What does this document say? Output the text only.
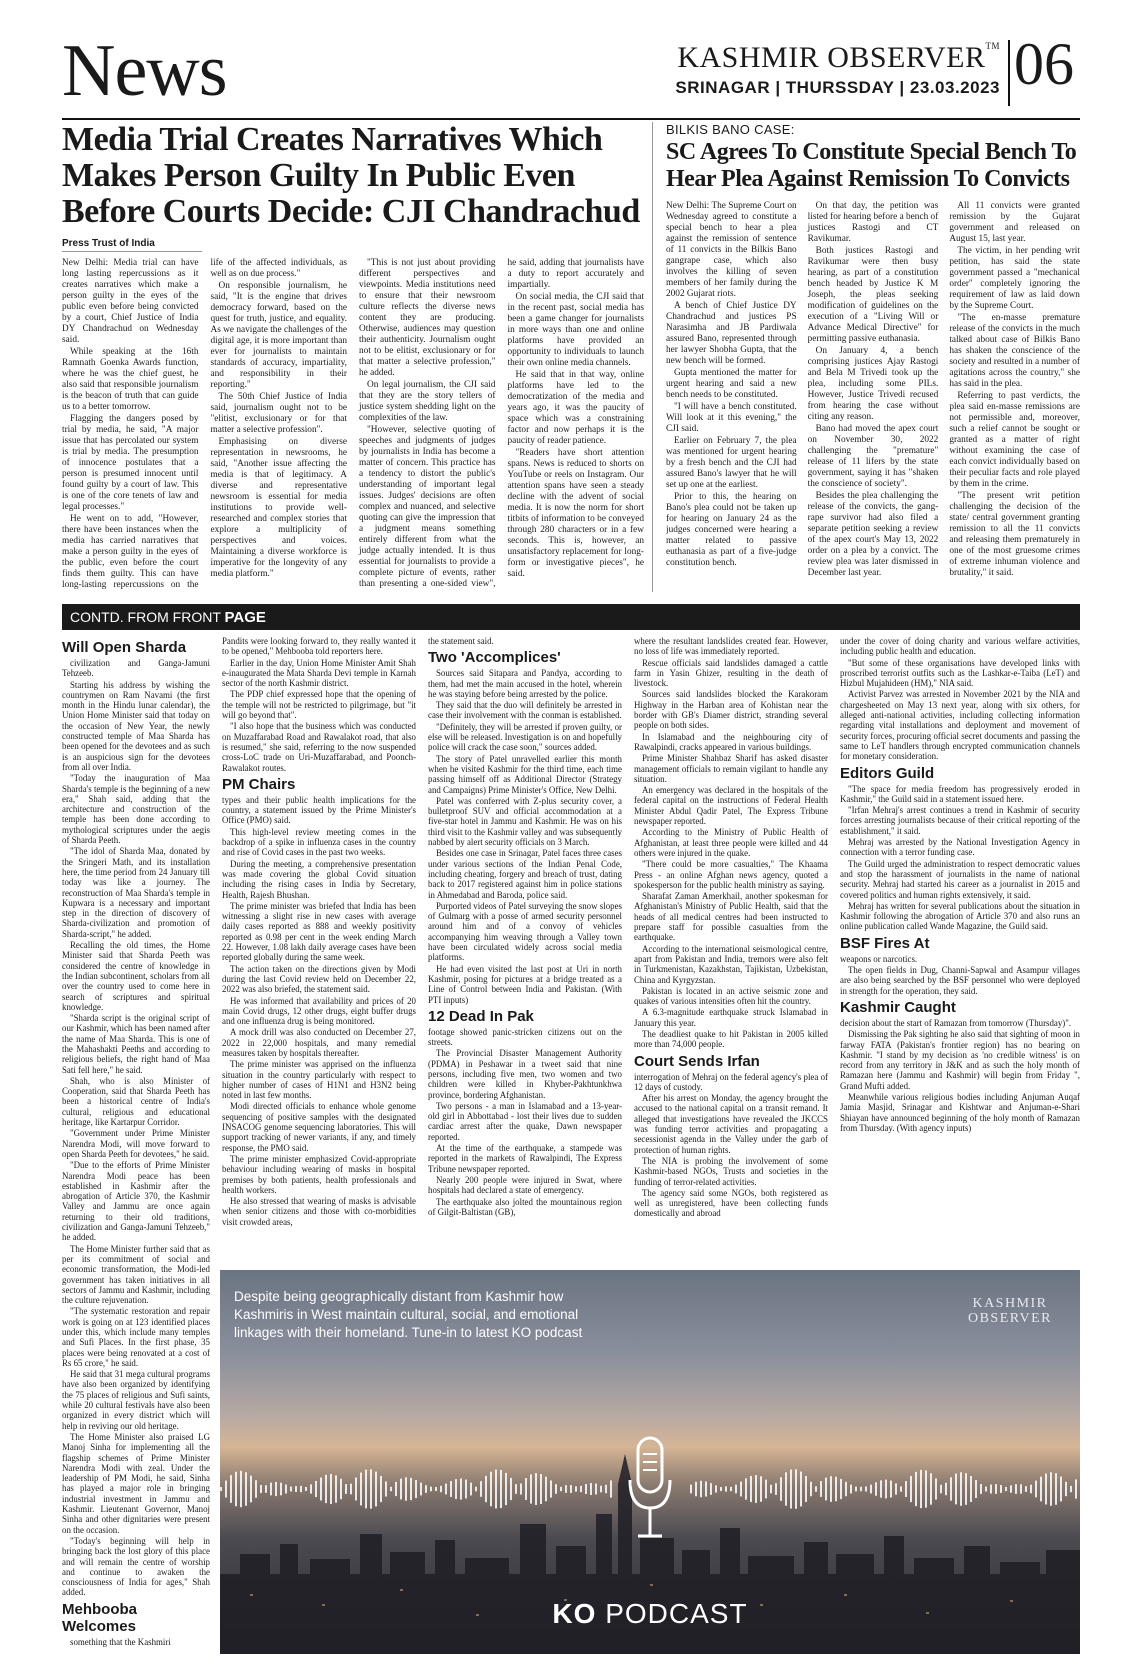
News	KASHMIR OBSERVER™
SRINAGAR | THURSSDAY | 23.03.2023 06
Media Trial Creates Narratives Which Makes Person Guilty In Public Even Before Courts Decide: CJI Chandrachud
Press Trust of India

New Delhi: Media trial can have long lasting repercussions as it creates narratives which make a person guilty in the eyes of the public even before being convicted by a court, Chief Justice of India DY Chandrachud on Wednesday said.

While speaking at the 16th Ramnath Goenka Awards function, where he was the chief guest, he also said that responsible journalism is the beacon of truth that can guide us to a better tomorrow.

Flagging the dangers posed by trial by media, he said, "A major issue that has percolated our system is trial by media. The presumption of innocence postulates that a person is presumed innocent until found guilty by a court of law. This is one of the core tenets of law and legal processes."

He went on to add, "However, there have been instances when the media has carried narratives that make a person guilty in the eyes of the public, even before the court finds them guilty. This can have long-lasting repercussions on the life of the affected individuals, as well as on due process."

On responsible journalism, he said, "It is the engine that drives democracy forward, based on the quest for truth, justice, and equality. As we navigate the challenges of the digital age, it is more important than ever for journalists to maintain standards of accuracy, impartiality, and responsibility in their reporting."

The 50th Chief Justice of India said, journalism ought not to be "elitist, exclusionary or for that matter a selective profession".

Emphasising on diverse representation in newsrooms, he said, "Another issue affecting the media is that of legitimacy. A diverse and representative newsroom is essential for media institutions to provide well-researched and complex stories that explore a multiplicity of perspectives and voices. Maintaining a diverse workforce is imperative for the longevity of any media platform."

"This is not just about providing different perspectives and viewpoints. Media institutions need to ensure that their newsroom culture reflects the diverse news content they are producing. Otherwise, audiences may question their authenticity. Journalism ought not to be elitist, exclusionary or for that matter a selective profession," he added.

On legal journalism, the CJI said that they are the story tellers of justice system shedding light on the complexities of the law.

"However, selective quoting of speeches and judgments of judges by journalists in India has become a matter of concern. This practice has a tendency to distort the public's understanding of important legal issues. Judges' decisions are often complex and nuanced, and selective quoting can give the impression that a judgment means something entirely different from what the judge actually intended. It is thus essential for journalists to provide a complete picture of events, rather than presenting a one-sided view", he said, adding that journalists have a duty to report accurately and impartially.

On social media, the CJI said that in the recent past, social media has been a game changer for journalists in more ways than one and online platforms have provided an opportunity to individuals to launch their own online media channels.

He said that in that way, online platforms have led to the democratization of the media and years ago, it was the paucity of space which was a constraining factor and now perhaps it is the paucity of reader patience.

"Readers have short attention spans. News is reduced to shorts on YouTube or reels on Instagram. Our attention spans have seen a steady decline with the advent of social media. It is now the norm for short titbits of information to be conveyed through 280 characters or in a few seconds. This is, however, an unsatisfactory replacement for long-form or investigative pieces", he said.

BILKIS BANO CASE:
SC Agrees To Constitute Special Bench To Hear Plea Against Remission To Convicts

New Delhi: The Supreme Court on Wednesday agreed to constitute a special bench to hear a plea against the remission of sentence of 11 convicts in the Bilkis Bano gangrape case, which also involves the killing of seven members of her family during the 2002 Gujarat riots.

A bench of Chief Justice DY Chandrachud and justices PS Narasimha and JB Pardiwala assured Bano, represented through her lawyer Shobha Gupta, that the new bench will be formed.

Gupta mentioned the matter for urgent hearing and said a new bench needs to be constituted.

"I will have a bench constituted. Will look at it this evening," the CJI said.

Earlier on February 7, the plea was mentioned for urgent hearing by a fresh bench and the CJI had assured Bano's lawyer that he will set up one at the earliest.

Prior to this, the hearing on Bano's plea could not be taken up for hearing on January 24 as the judges concerned were hearing a matter related to passive euthanasia as part of a five-judge constitution bench.

On that day, the petition was listed for hearing before a bench of justices Rastogi and CT Ravikumar.

Both justices Rastogi and Ravikumar were then busy hearing, as part of a constitution bench headed by Justice K M Joseph, the pleas seeking modification of guidelines on the execution of a "Living Will or Advance Medical Directive" for permitting passive euthanasia.

On January 4, a bench comprising justices Ajay Rastogi and Bela M Trivedi took up the plea, including some PILs. However, Justice Trivedi recused from hearing the case without citing any reason.

Bano had moved the apex court on November 30, 2022 challenging the "premature" release of 11 lifers by the state government, saying it has "shaken the conscience of society".

Besides the plea challenging the release of the convicts, the gang-rape survivor had also filed a separate petition seeking a review of the apex court's May 13, 2022 order on a plea by a convict. The review plea was later dismissed in December last year.

All 11 convicts were granted remission by the Gujarat government and released on August 15, last year.

The victim, in her pending writ petition, has said the state government passed a "mechanical order" completely ignoring the requirement of law as laid down by the Supreme Court.

"The en-masse premature release of the convicts in the much talked about case of Bilkis Bano has shaken the conscience of the society and resulted in a number of agitations across the country," she has said in the plea.

Referring to past verdicts, the plea said en-masse remissions are not permissible and, moreover, such a relief cannot be sought or granted as a matter of right without examining the case of each convict individually based on their peculiar facts and role played by them in the crime.

"The present writ petition challenging the decision of the state/ central government granting remission to all the 11 convicts and releasing them prematurely in one of the most gruesome crimes of extreme inhuman violence and brutality," it said.

CONTD. FROM FRONT PAGE
Will Open Sharda

civilization and Ganga-Jamuni Tehzeeb.

Starting his address by wishing the countrymen on Ram Navami (the first month in the Hindu lunar calendar), the Union Home Minister said that today on the occasion of New Year, the newly constructed temple of Maa Sharda has been opened for the devotees and as such is an auspicious sign for the devotees from all over India.

"Today the inauguration of Maa Sharda's temple is the beginning of a new era," Shah said, adding that the architecture and construction of the temple has been done according to mythological scriptures under the aegis of Sharda Peeth.

"The idol of Sharda Maa, donated by the Sringeri Math, and its installation here, the time period from 24 January till today was like a journey. The reconstruction of Maa Sharda's temple in Kupwara is a necessary and important step in the direction of discovery of Sharda-civilization and promotion of Sharda-script," he added.

Recalling the old times, the Home Minister said that Sharda Peeth was considered the centre of knowledge in the Indian subcontinent, scholars from all over the country used to come here in search of scriptures and spiritual knowledge.

"Sharda script is the original script of our Kashmir, which has been named after the name of Maa Sharda. This is one of the Mahashakti Peeths and according to religious beliefs, the right hand of Maa Sati fell here," he said.

Shah, who is also Minister of Cooperation, said that Sharda Peeth has been a historical centre of India's cultural, religious and educational heritage, like Kartarpur Corridor.

"Government under Prime Minister Narendra Modi, will move forward to open Sharda Peeth for devotees," he said.

"Due to the efforts of Prime Minister Narendra Modi peace has been established in Kashmir after the abrogation of Article 370, the Kashmir Valley and Jammu are once again returning to their old traditions, civilization and Ganga-Jamuni Tehzeeb," he added.

The Home Minister further said that as per its commitment of social and economic transformation, the Modi-led government has taken initiatives in all sectors of Jammu and Kashmir, including the culture rejuvenation.

"The systematic restoration and repair work is going on at 123 identified places under this, which include many temples and Sufi Places. In the first phase, 35 places were being renovated at a cost of Rs 65 crore," he said.

He said that 31 mega cultural programs have also been organized by identifying the 75 places of religious and Sufi saints, while 20 cultural festivals have also been organized in every district which will help in reviving our old heritage.

The Home Minister also praised LG Manoj Sinha for implementing all the flagship schemes of Prime Minister Narendra Modi with zeal. Under the leadership of PM Modi, he said, Sinha has played a major role in bringing industrial investment in Jammu and Kashmir. Lieutenant Governor, Manoj Sinha and other dignitaries were present on the occasion.

"Today's beginning will help in bringing back the lost glory of this place and will remain the centre of worship and continue to awaken the consciousness of India for ages," Shah added.

Mehbooba Welcomes

something that the Kashmiri

Pandits were looking forward to, they really wanted it to be opened," Mehbooba told reporters here.

Earlier in the day, Union Home Minister Amit Shah e-inaugurated the Mata Sharda Devi temple in Karnah sector of the north Kashmir district.

The PDP chief expressed hope that the opening of the temple will not be restricted to pilgrimage, but "it will go beyond that".

"I also hope that the business which was conducted on Muzaffarabad Road and Rawalakot road, that also is resumed," she said, referring to the now suspended cross-LoC trade on Uri-Muzaffarabad, and Poonch-Rawalakot routes.

PM Chairs

types and their public health implications for the country, a statement issued by the Prime Minister's Office (PMO) said.

This high-level review meeting comes in the backdrop of a spike in influenza cases in the country and rise of Covid cases in the past two weeks.

During the meeting, a comprehensive presentation was made covering the global Covid situation including the rising cases in India by Secretary, Health, Rajesh Bhushan.

The prime minister was briefed that India has been witnessing a slight rise in new cases with average daily cases reported as 888 and weekly positivity reported as 0.98 per cent in the week ending March 22. However, 1.08 lakh daily average cases have been reported globally during the same week.

The action taken on the directions given by Modi during the last Covid review held on December 22, 2022 was also briefed, the statement said.

He was informed that availability and prices of 20 main Covid drugs, 12 other drugs, eight buffer drugs and one influenza drug is being monitored.

A mock drill was also conducted on December 27, 2022 in 22,000 hospitals, and many remedial measures taken by hospitals thereafter.

The prime minister was apprised on the influenza situation in the country particularly with respect to higher number of cases of H1N1 and H3N2 being noted in last few months.

Modi directed officials to enhance whole genome sequencing of positive samples with the designated INSACOG genome sequencing laboratories. This will support tracking of newer variants, if any, and timely response, the PMO said.

The prime minister emphasized Covid-appropriate behaviour including wearing of masks in hospital premises by both patients, health professionals and health workers.

He also stressed that wearing of masks is advisable when senior citizens and those with co-morbidities visit crowded areas,

the statement said.

Two 'Accomplices'

Sources said Sitapara and Pandya, according to them, had met the main accused in the hotel, wherein he was staying before being arrested by the police.

They said that the duo will definitely be arrested in case their involvement with the conman is established.

"Definitely, they will be arrested if proven guilty, or else will be released. Investigation is on and hopefully police will crack the case soon," sources added.

The story of Patel unravelled earlier this month when he visited Kashmir for the third time, each time passing himself off as Additional Director (Strategy and Campaigns) Prime Minister's Office, New Delhi.

Patel was conferred with Z-plus security cover, a bulletproof SUV and official accommodation at a five-star hotel in Jammu and Kashmir. He was on his third visit to the Kashmir valley and was subsequently nabbed by alert security officials on 3 March.

Besides one case in Srinagar, Patel faces three cases under various sections of the Indian Penal Code, including cheating, forgery and breach of trust, dating back to 2017 registered against him in police stations in Ahmedabad and Baroda, police said.

Purported videos of Patel surveying the snow slopes of Gulmarg with a posse of armed security personnel around him and of a convoy of vehicles accompanying him weaving through a Valley town have been circulated widely across social media platforms.

He had even visited the last post at Uri in north Kashmir, posing for pictures at a bridge treated as a Line of Control between India and Pakistan. (With PTI inputs)

12 Dead In Pak

footage showed panic-stricken citizens out on the streets.

The Provincial Disaster Management Authority (PDMA) in Peshawar in a tweet said that nine persons, including five men, two women and two children were killed in Khyber-Pakhtunkhwa province, bordering Afghanistan.

Two persons - a man in Islamabad and a 13-year-old girl in Abbottabad - lost their lives due to sudden cardiac arrest after the quake, Dawn newspaper reported.

At the time of the earthquake, a stampede was reported in the markets of Rawalpindi, The Express Tribune newspaper reported.

Nearly 200 people were injured in Swat, where hospitals had declared a state of emergency.

The earthquake also jolted the mountainous region of Gilgit-Baltistan (GB),

where the resultant landslides created fear. However, no loss of life was immediately reported.

Rescue officials said landslides damaged a cattle farm in Yasin Ghizer, resulting in the death of livestock.

Sources said landslides blocked the Karakoram Highway in the Harban area of Kohistan near the border with GB's Diamer district, stranding several people on both sides.

In Islamabad and the neighbouring city of Rawalpindi, cracks appeared in various buildings.

Prime Minister Shahbaz Sharif has asked disaster management officials to remain vigilant to handle any situation.

An emergency was declared in the hospitals of the federal capital on the instructions of Federal Health Minister Abdul Qadir Patel, The Express Tribune newspaper reported.

According to the Ministry of Public Health of Afghanistan, at least three people were killed and 44 others were injured in the quake.

"There could be more casualties," The Khaama Press - an online Afghan news agency, quoted a spokesperson for the public health ministry as saying.

Sharafat Zaman Amerkhail, another spokesman for Afghanistan's Ministry of Public Health, said that the heads of all medical centres had been instructed to prepare staff for possible casualties from the earthquake.

According to the international seismological centre, apart from Pakistan and India, tremors were also felt in Turkmenistan, Kazakhstan, Tajikistan, Uzbekistan, China and Kyrgyzstan.

Pakistan is located in an active seismic zone and quakes of various intensities often hit the country.

A 6.3-magnitude earthquake struck Islamabad in January this year.

The deadliest quake to hit Pakistan in 2005 killed more than 74,000 people.

Court Sends Irfan

interrogation of Mehraj on the federal agency's plea of 12 days of custody.

After his arrest on Monday, the agency brought the accused to the national capital on a transit remand. It alleged that investigations have revealed the JKCCS was funding terror activities and propagating a secessionist agenda in the Valley under the garb of protection of human rights.

The NIA is probing the involvement of some Kashmir-based NGOs, Trusts and societies in the funding of terror-related activities.

The agency said some NGOs, both registered as well as unregistered, have been collecting funds domestically and abroad

under the cover of doing charity and various welfare activities, including public health and education.

"But some of these organisations have developed links with proscribed terrorist outfits such as the Lashkar-e-Taiba (LeT) and Hizbul Mujahideen (HM)," NIA said.

Activist Parvez was arrested in November 2021 by the NIA and chargesheeted on May 13 next year, along with six others, for alleged anti-national activities, including collecting information regarding vital installations and deployment and movement of security forces, procuring official secret documents and passing the same to LeT handlers through encrypted communication channels for monetary consideration.

Editors Guild

"The space for media freedom has progressively eroded in Kashmir," the Guild said in a statement issued here.

"Irfan Mehraj's arrest continues a trend in Kashmir of security forces arresting journalists because of their critical reporting of the establishment," it said.

Mehraj was arrested by the National Investigation Agency in connection with a terror funding case.

The Guild urged the administration to respect democratic values and stop the harassment of journalists in the name of national security. Mehraj had started his career as a journalist in 2015 and covered politics and human rights extensively, it said.

Mehraj has written for several publications about the situation in Kashmir following the abrogation of Article 370 and also runs an online publication called Wande Magazine, the Guild said.

BSF Fires At

weapons or narcotics.

The open fields in Dug, Channi-Sapwal and Asampur villages are also being searched by the BSF personnel who were deployed in strength for the operation, they said.

Kashmir Caught

decision about the start of Ramazan from tomorrow (Thursday)".

Dismissing the Pak sighting he also said that sighting of moon in farway FATA (Pakistan's frontier region) has no bearing on Kashmir. "I stand by my decision as 'no credible witness' is on record from any territory in J&K and as such the holy month of Ramazan here (Jammu and Kashmir) will begin from Friday ", Grand Mufti added.

Meanwhile various religious bodies including Anjuman Auqaf Jamia Masjid, Srinagar and Kishtwar and Anjuman-e-Shari Shiayan have announced beginning of the holy month of Ramazan from Thursday. (With agency inputs)

Despite being geographically distant from Kashmir how Kashmiris in West maintain cultural, social, and emotional linkages with their homeland. Tune-in to latest KO podcast
KASHMIR
OBSERVER
KO PODCAST
